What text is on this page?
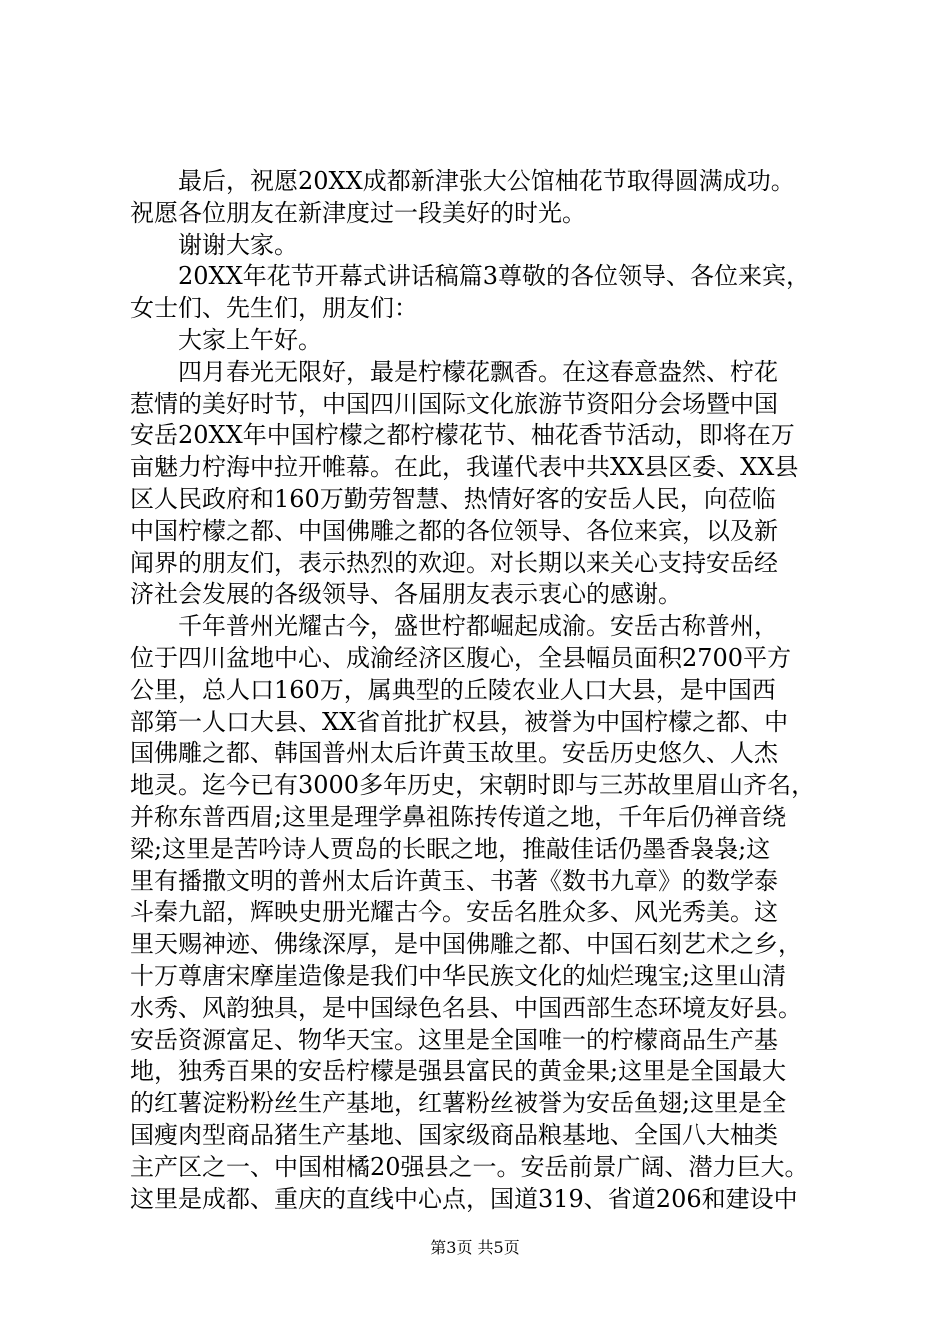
最后，祝愿20XX成都新津张大公馆柚花节取得圆满成功。
祝愿各位朋友在新津度过一段美好的时光。
谢谢大家。
20XX年花节开幕式讲话稿篇3尊敬的各位领导、各位来宾，
女士们、先生们，朋友们：
大家上午好。
四月春光无限好，最是柠檬花飘香。在这春意盎然、柠花
惹情的美好时节，中国四川国际文化旅游节资阳分会场暨中国
安岳20XX年中国柠檬之都柠檬花节、柚花香节活动，即将在万
亩魅力柠海中拉开帷幕。在此，我谨代表中共XX县区委、XX县
区人民政府和160万勤劳智慧、热情好客的安岳人民，向莅临
中国柠檬之都、中国佛雕之都的各位领导、各位来宾，以及新
闻界的朋友们，表示热烈的欢迎。对长期以来关心支持安岳经
济社会发展的各级领导、各届朋友表示衷心的感谢。
千年普州光耀古今，盛世柠都崛起成渝。安岳古称普州，
位于四川盆地中心、成渝经济区腹心，全县幅员面积2700平方
公里，总人口160万，属典型的丘陵农业人口大县，是中国西
部第一人口大县、XX省首批扩权县，被誉为中国柠檬之都、中
国佛雕之都、韩国普州太后许黄玉故里。安岳历史悠久、人杰
地灵。迄今已有3000多年历史，宋朝时即与三苏故里眉山齐名，
并称东普西眉;这里是理学鼻祖陈抟传道之地，千年后仍禅音绕
梁;这里是苦吟诗人贾岛的长眠之地，推敲佳话仍墨香袅袅;这
里有播撒文明的普州太后许黄玉、书著《数书九章》的数学泰
斗秦九韶，辉映史册光耀古今。安岳名胜众多、风光秀美。这
里天赐神迹、佛缘深厚，是中国佛雕之都、中国石刻艺术之乡，
十万尊唐宋摩崖造像是我们中华民族文化的灿烂瑰宝;这里山清
水秀、风韵独具，是中国绿色名县、中国西部生态环境友好县。
安岳资源富足、物华天宝。这里是全国唯一的柠檬商品生产基
地，独秀百果的安岳柠檬是强县富民的黄金果;这里是全国最大
的红薯淀粉粉丝生产基地，红薯粉丝被誉为安岳鱼翅;这里是全
国瘦肉型商品猪生产基地、国家级商品粮基地、全国八大柚类
主产区之一、中国柑橘20强县之一。安岳前景广阔、潜力巨大。
这里是成都、重庆的直线中心点，国道319、省道206和建设中
第3页 共5页
